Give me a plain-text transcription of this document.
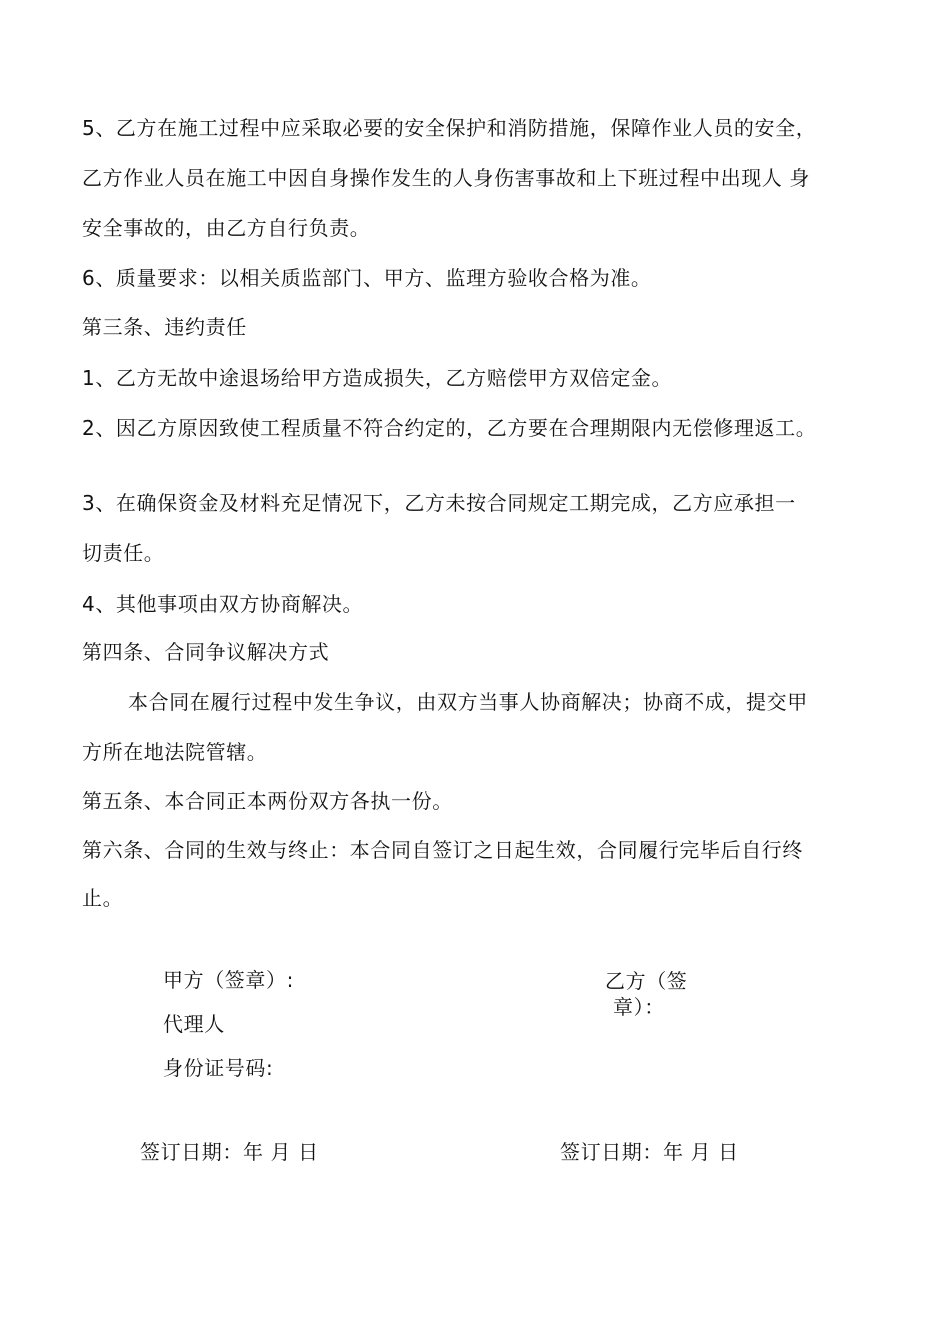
5、乙方在施工过程中应采取必要的安全保护和消防措施，保障作业人员的安全，
乙方作业人员在施工中因自身操作发生的人身伤害事故和上下班过程中出现人 身
安全事故的，由乙方自行负责。
6、质量要求：以相关质监部门、甲方、监理方验收合格为准。
第三条、违约责任
1、乙方无故中途退场给甲方造成损失，乙方赔偿甲方双倍定金。
2、因乙方原因致使工程质量不符合约定的，乙方要在合理期限内无偿修理返工。
3、在确保资金及材料充足情况下，乙方未按合同规定工期完成，乙方应承担一
切责任。
4、其他事项由双方协商解决。
第四条、合同争议解决方式
本合同在履行过程中发生争议，由双方当事人协商解决；协商不成，提交甲
方所在地法院管辖。
第五条、本合同正本两份双方各执一份。
第六条、合同的生效与终止：本合同自签订之日起生效，合同履行完毕后自行终
止。
甲方（签章）:
代理人
身份证号码:
乙方（签
章）：
签订日期：年 月 日	签订日期：年 月 日
